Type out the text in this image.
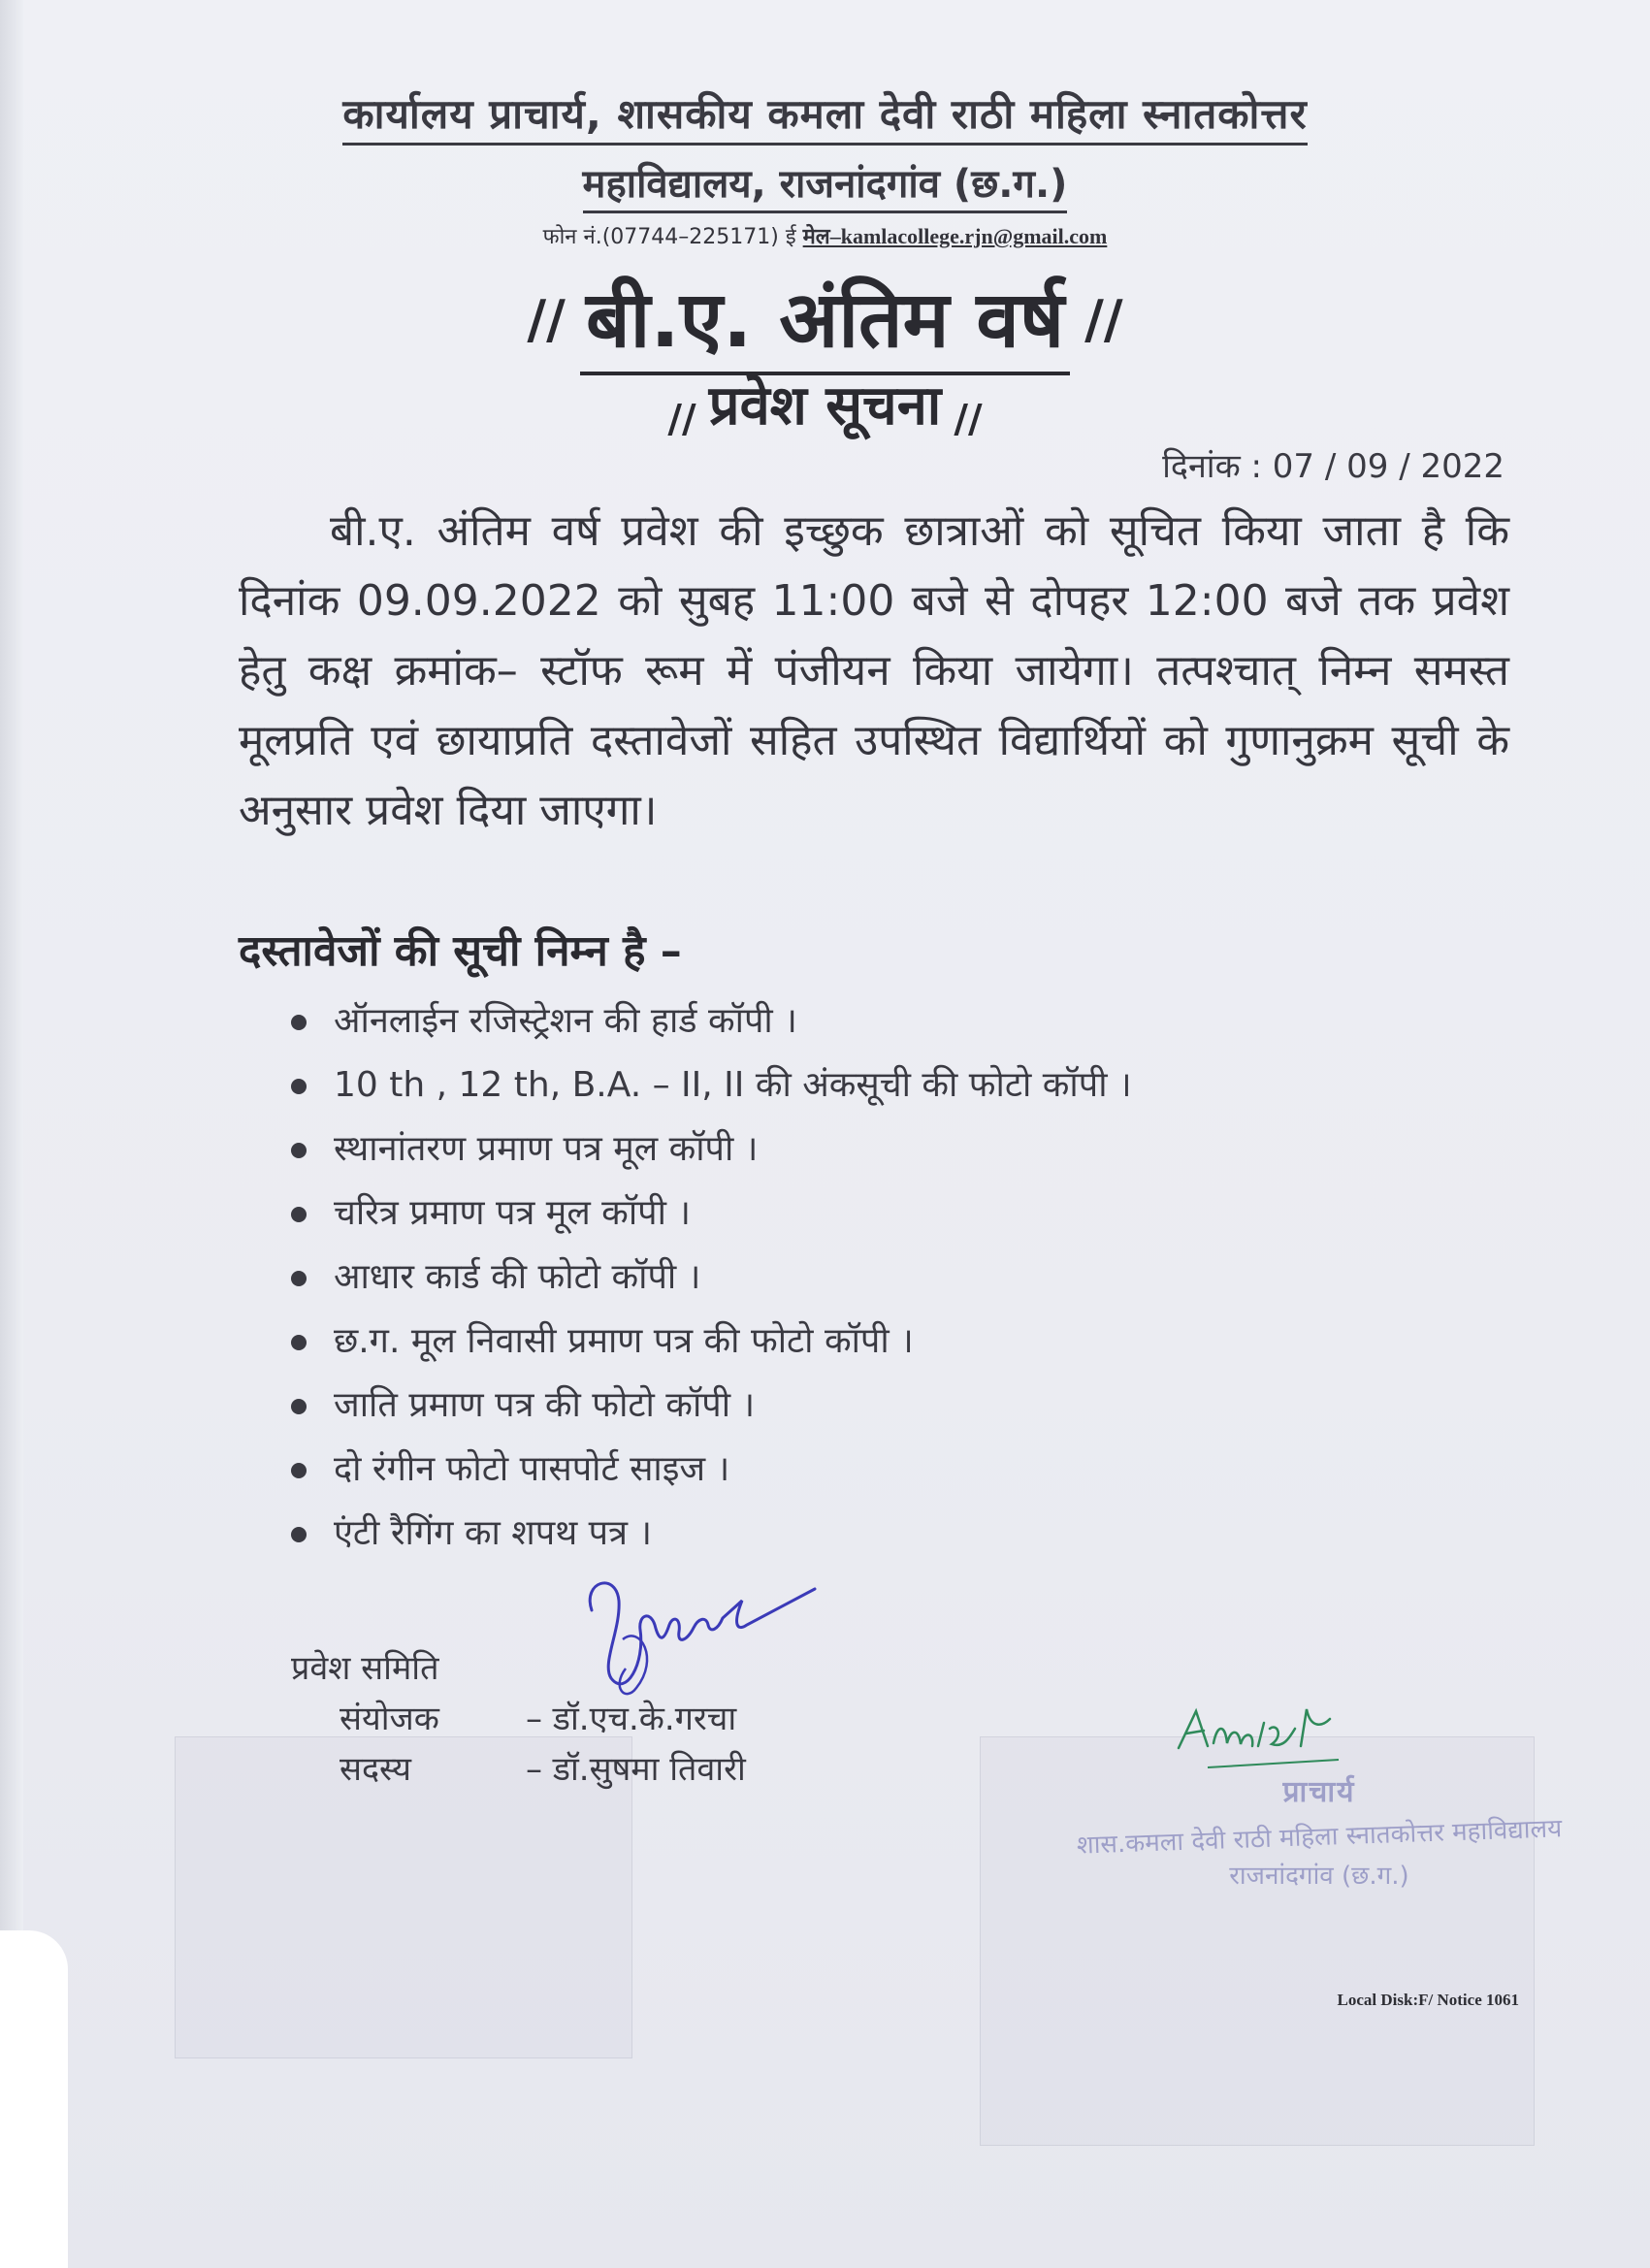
कार्यालय प्राचार्य, शासकीय कमला देवी राठी महिला स्नातकोत्तर
महाविद्यालय, राजनांदगांव (छ.ग.)
फोन नं.(07744–225171) ई मेल–kamlacollege.rjn@gmail.com
// बी.ए. अंतिम वर्ष //
// प्रवेश सूचना //
दिनांक : 07 / 09 / 2022
बी.ए. अंतिम वर्ष प्रवेश की इच्छुक छात्राओं को सूचित किया जाता है कि दिनांक 09.09.2022 को सुबह 11:00 बजे से दोपहर 12:00 बजे तक प्रवेश हेतु कक्ष क्रमांक– स्टॉफ रूम में पंजीयन किया जायेगा। तत्पश्चात् निम्न समस्त मूलप्रति एवं छायाप्रति दस्तावेजों सहित उपस्थित विद्यार्थियों को गुणानुक्रम सूची के अनुसार प्रवेश दिया जाएगा।
दस्तावेजों की सूची निम्न है –
ऑनलाईन रजिस्ट्रेशन की हार्ड कॉपी ।
10 th , 12 th, B.A. – II, II की अंकसूची की फोटो कॉपी ।
स्थानांतरण प्रमाण पत्र मूल कॉपी ।
चरित्र प्रमाण पत्र मूल कॉपी ।
आधार कार्ड की फोटो कॉपी ।
छ.ग. मूल निवासी प्रमाण पत्र की फोटो कॉपी ।
जाति प्रमाण पत्र की फोटो कॉपी ।
दो रंगीन फोटो पासपोर्ट साइज ।
एंटी रैगिंग का शपथ पत्र ।
प्रवेश समिति
संयोजक	– डॉ.एच.के.गरचा
सदस्य	– डॉ.सुषमा तिवारी
प्राचार्य
शास.कमला देवी राठी महिला स्नातकोत्तर महाविद्यालय
राजनांदगांव (छ.ग.)
Local Disk:F/ Notice 1061
